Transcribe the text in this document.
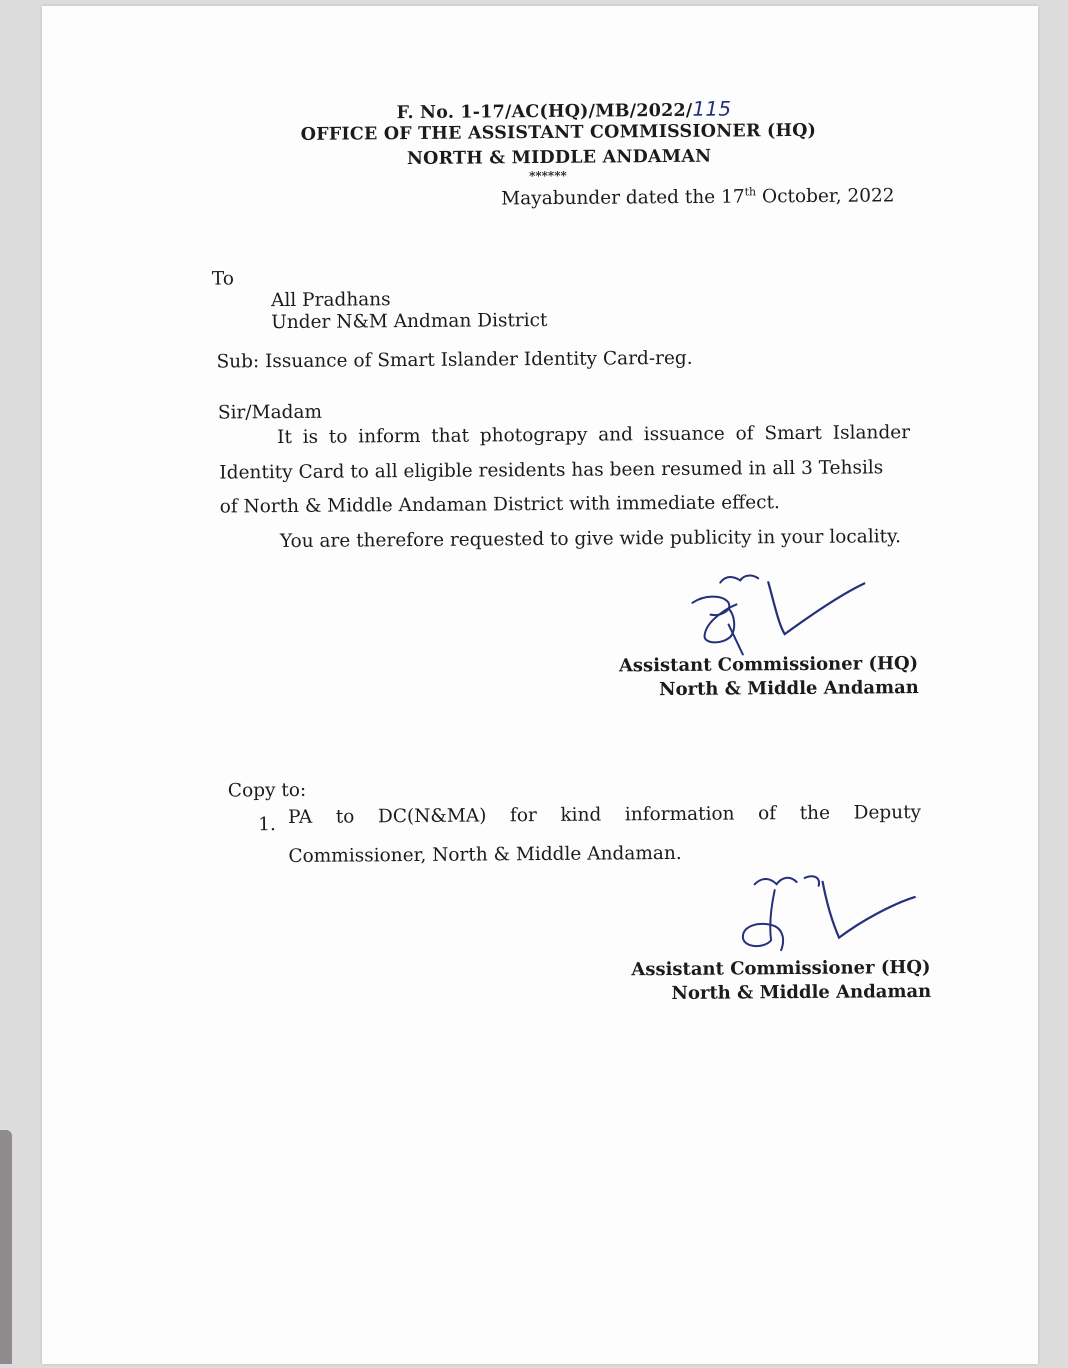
F. No. 1-17/AC(HQ)/MB/2022/115
OFFICE OF THE ASSISTANT COMMISSIONER (HQ)
NORTH & MIDDLE ANDAMAN
******
Mayabunder dated the 17th October, 2022
To
All Pradhans
Under N&M Andman District
Sub: Issuance of Smart Islander Identity Card-reg.
Sir/Madam
It is to inform that photograpy and issuance of Smart Islander
Identity Card to all eligible residents has been resumed in all 3 Tehsils
of North & Middle Andaman District with immediate effect.
You are therefore requested to give wide publicity in your locality.
Assistant Commissioner (HQ)
North & Middle Andaman
Copy to:
1. PA to DC(N&MA) for kind information of the Deputy
Commissioner, North & Middle Andaman.
Assistant Commissioner (HQ)
North & Middle Andaman
